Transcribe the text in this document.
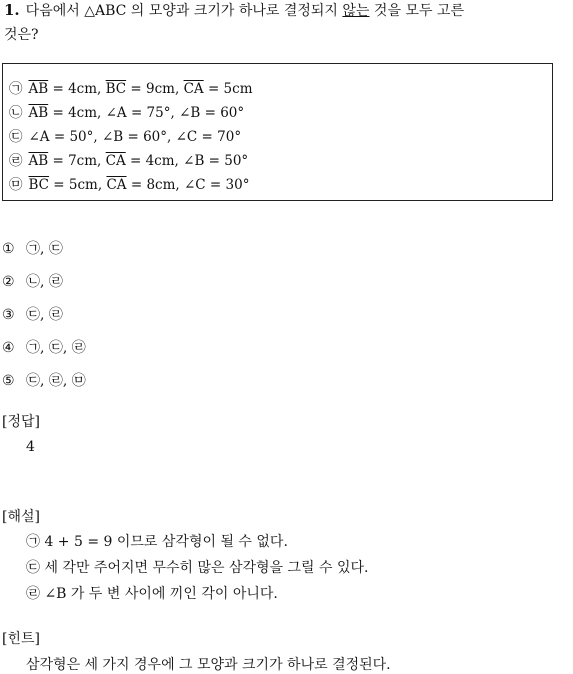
1. 다음에서 △ABC 의 모양과 크기가 하나로 결정되지 않는 것을 모두 고른
것은?
㉠ $\overline{AB} = 4cm$, $\overline{BC} = 9cm$, $\overline{CA} = 5cm$
㉡ $\overline{AB} = 4cm$, ∠A = 75°, ∠B = 60°
㉢ ∠A = 50°, ∠B = 60°, ∠C = 70°
㉣ $\overline{AB} = 7cm$, $\overline{CA} = 4cm$, ∠B = 50°
㉤ $\overline{BC} = 5cm$, $\overline{CA} = 8cm$, ∠C = 30°
① ㉠, ㉢
② ㉡, ㉣
③ ㉢, ㉣
④ ㉠, ㉢, ㉣
⑤ ㉢, ㉣, ㉤
[정답]
4
[해설]
㉠ 4 + 5 = 9 이므로 삼각형이 될 수 없다.
㉢ 세 각만 주어지면 무수히 많은 삼각형을 그릴 수 있다.
㉣ ∠B 가 두 변 사이에 끼인 각이 아니다.
[힌트]
삼각형은 세 가지 경우에 그 모양과 크기가 하나로 결정된다.
